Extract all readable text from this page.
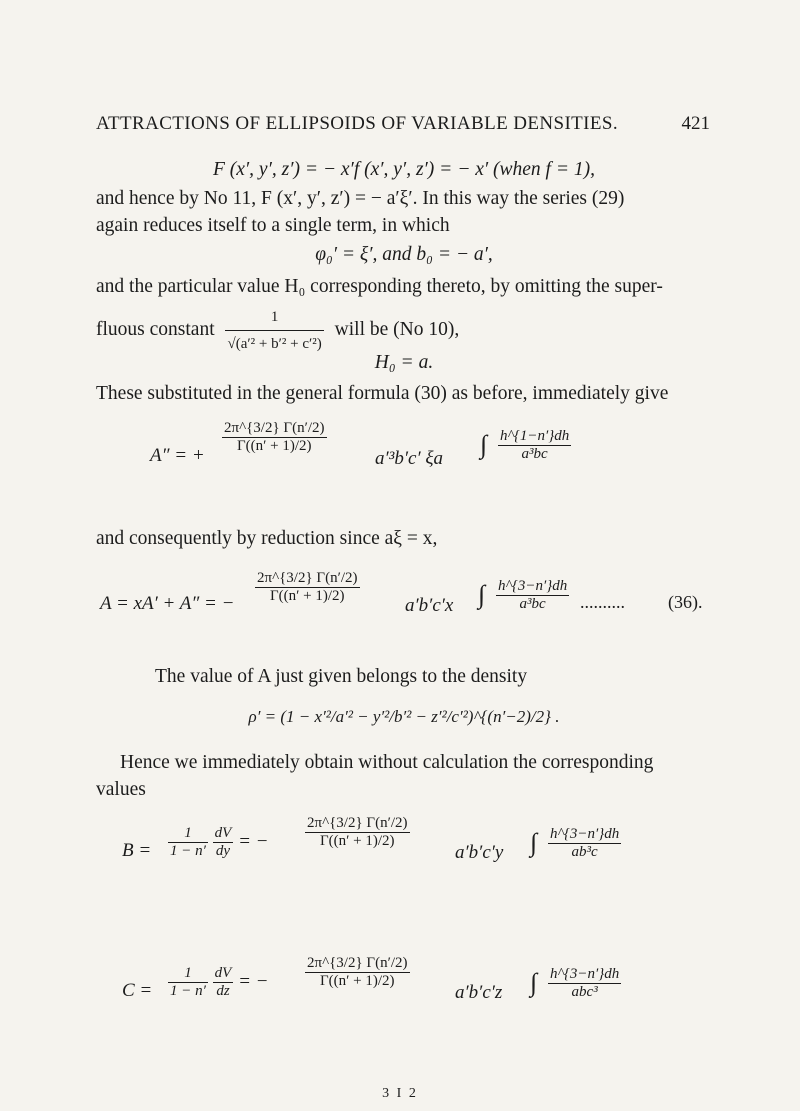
ATTRACTIONS OF ELLIPSOIDS OF VARIABLE DENSITIES.	421
F (x′, y′, z′) = − x′f (x′, y′, z′) = − x′ (when f = 1),
and hence by No 11, F (x′, y′, z′) = − a′ξ′. In this way the series (29)
again reduces itself to a single term, in which
φ₀′ = ξ′, and b₀ = − a′,
and the particular value H₀ corresponding thereto, by omitting the super-
fluous constant $\frac{1}{\text{√(a′² + b′² + c′²)}}$ will be (No 10),
H₀ = a.
These substituted in the general formula (30) as before, immediately give
A″ = +
$\frac{2\pi\^{}\{3/2\} \Gamma(n'/2)}{\Gamma((n' + 1)/2)}$
a′³b′c′ ξa ∫ $\frac{h\^{}\{1-n'\}dh}{\text{a³bc}}$
and consequently by reduction since aξ = x,
A = xA′ + A″ = − $\frac{2\pi\^{}\{3/2\} \Gamma(n'/2)}{\Gamma((n' + 1)/2)}$
a′b′c′x ∫ $\frac{h\^{}\{3-n'\}dh}{\text{a³bc}}$ .......... (36).
The value of A just given belongs to the density
ρ′ = (1 − x′²/a′² − y′²/b′² − z′²/c′²)^{(n′−2)/2} .
Hence we immediately obtain without calculation the corresponding
values
$B = \frac{1}{1 - n'}$
$\frac{dV}{dy}$ = − $\frac{2\pi\^{}\{3/2\} \Gamma(n'/2)}{\Gamma((n' + 1)/2)}$
a′b′c′y ∫ $\frac{h\^{}\{3-n'\}dh}{\text{ab³c}}$
$C = \frac{1}{1 - n'}$
$\frac{dV}{dz}$ = − $\frac{2\pi\^{}\{3/2\} \Gamma(n'/2)}{\Gamma((n' + 1)/2)}$
a′b′c′z ∫ $\frac{h\^{}\{3-n'\}dh}{\text{abc³}}$
3 I 2
